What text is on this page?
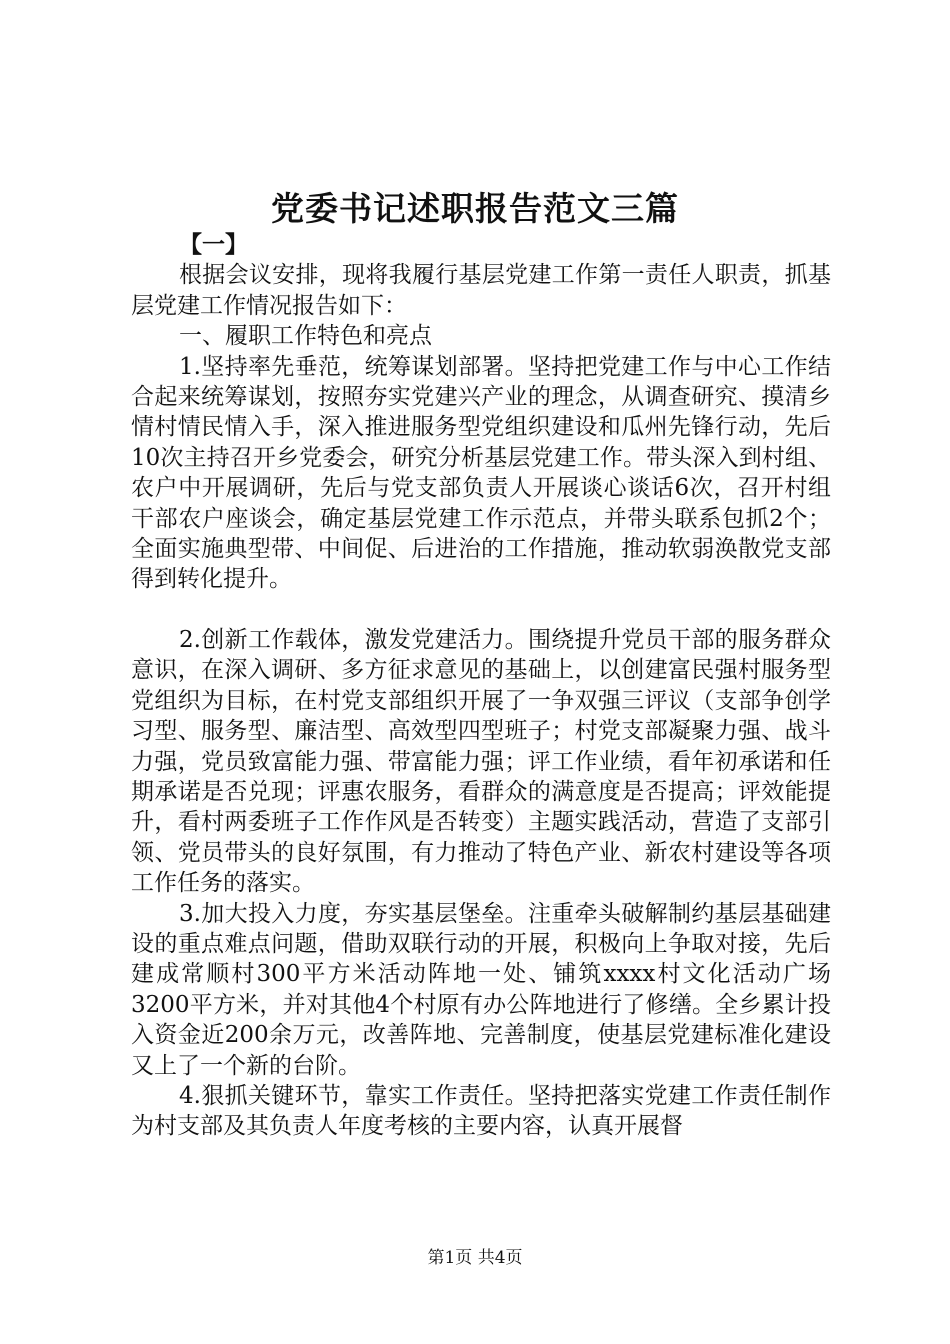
党委书记述职报告范文三篇

【一】

根据会议安排，现将我履行基层党建工作第一责任人职责，抓基层党建工作情况报告如下：

一、履职工作特色和亮点

1.坚持率先垂范，统筹谋划部署。坚持把党建工作与中心工作结合起来统筹谋划，按照夯实党建兴产业的理念，从调查研究、摸清乡情村情民情入手，深入推进服务型党组织建设和瓜州先锋行动，先后10次主持召开乡党委会，研究分析基层党建工作。带头深入到村组、农户中开展调研，先后与党支部负责人开展谈心谈话6次，召开村组干部农户座谈会，确定基层党建工作示范点，并带头联系包抓2个；全面实施典型带、中间促、后进治的工作措施，推动软弱涣散党支部得到转化提升。

2.创新工作载体，激发党建活力。围绕提升党员干部的服务群众意识，在深入调研、多方征求意见的基础上，以创建富民强村服务型党组织为目标，在村党支部组织开展了一争双强三评议（支部争创学习型、服务型、廉洁型、高效型四型班子；村党支部凝聚力强、战斗力强，党员致富能力强、带富能力强；评工作业绩，看年初承诺和任期承诺是否兑现；评惠农服务，看群众的满意度是否提高；评效能提升，看村两委班子工作作风是否转变）主题实践活动，营造了支部引领、党员带头的良好氛围，有力推动了特色产业、新农村建设等各项工作任务的落实。

3.加大投入力度，夯实基层堡垒。注重牵头破解制约基层基础建设的重点难点问题，借助双联行动的开展，积极向上争取对接，先后建成常顺村300平方米活动阵地一处、铺筑xxxx村文化活动广场3200平方米，并对其他4个村原有办公阵地进行了修缮。全乡累计投入资金近200余万元，改善阵地、完善制度，使基层党建标准化建设又上了一个新的台阶。

4.狠抓关键环节，靠实工作责任。坚持把落实党建工作责任制作为村支部及其负责人年度考核的主要内容，认真开展督

第1页 共4页
